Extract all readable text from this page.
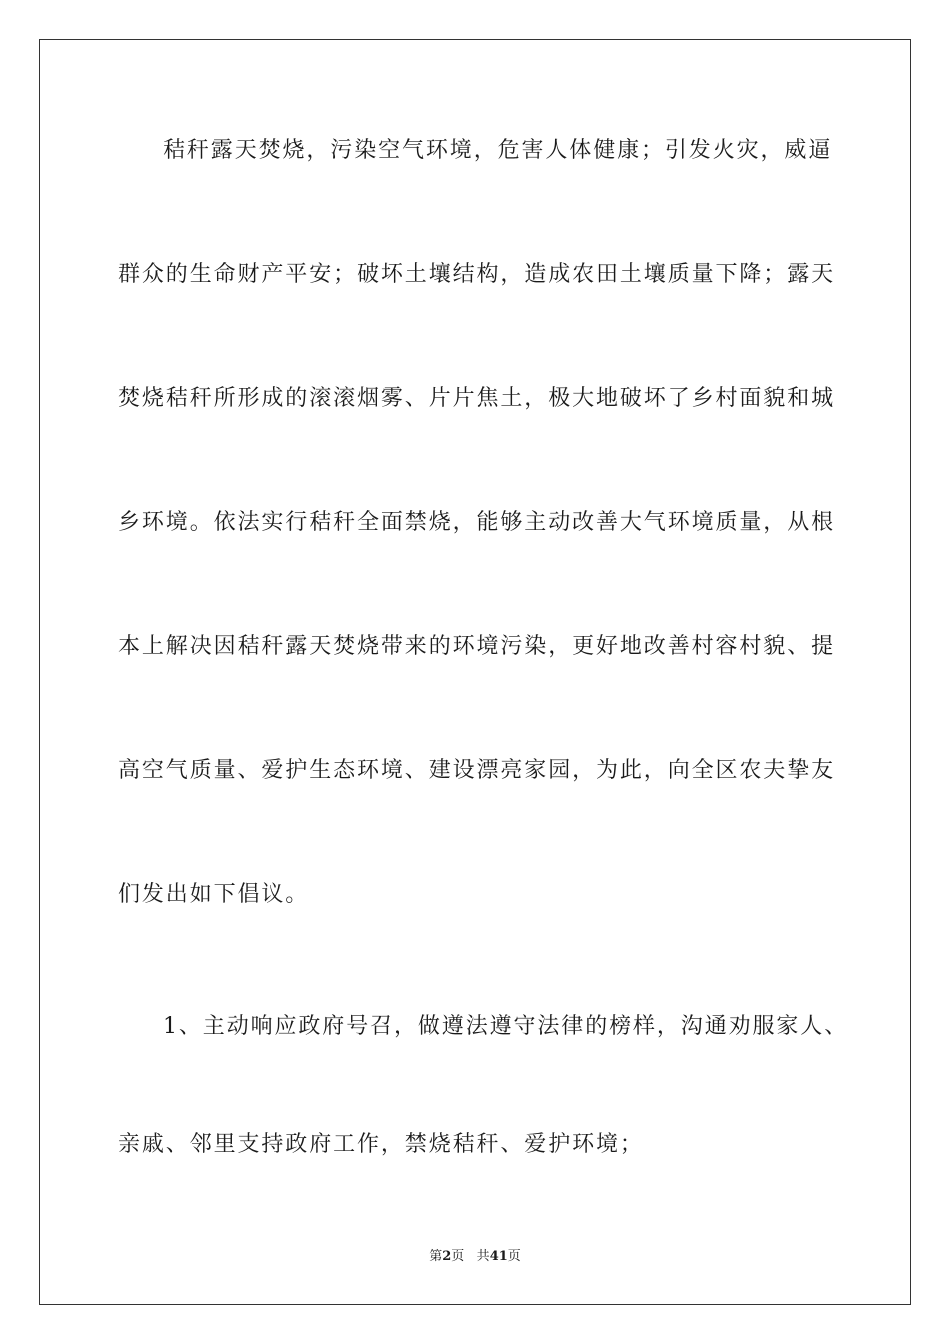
秸秆露天焚烧，污染空气环境，危害人体健康；引发火灾，威逼
群众的生命财产平安；破坏土壤结构，造成农田土壤质量下降；露天
焚烧秸秆所形成的滚滚烟雾、片片焦土，极大地破坏了乡村面貌和城
乡环境。依法实行秸秆全面禁烧，能够主动改善大气环境质量，从根
本上解决因秸秆露天焚烧带来的环境污染，更好地改善村容村貌、提
高空气质量、爱护生态环境、建设漂亮家园，为此，向全区农夫挚友
们发出如下倡议。
1、主动响应政府号召，做遵法遵守法律的榜样，沟通劝服家人、
亲戚、邻里支持政府工作，禁烧秸秆、爱护环境；
第2页 共41页
